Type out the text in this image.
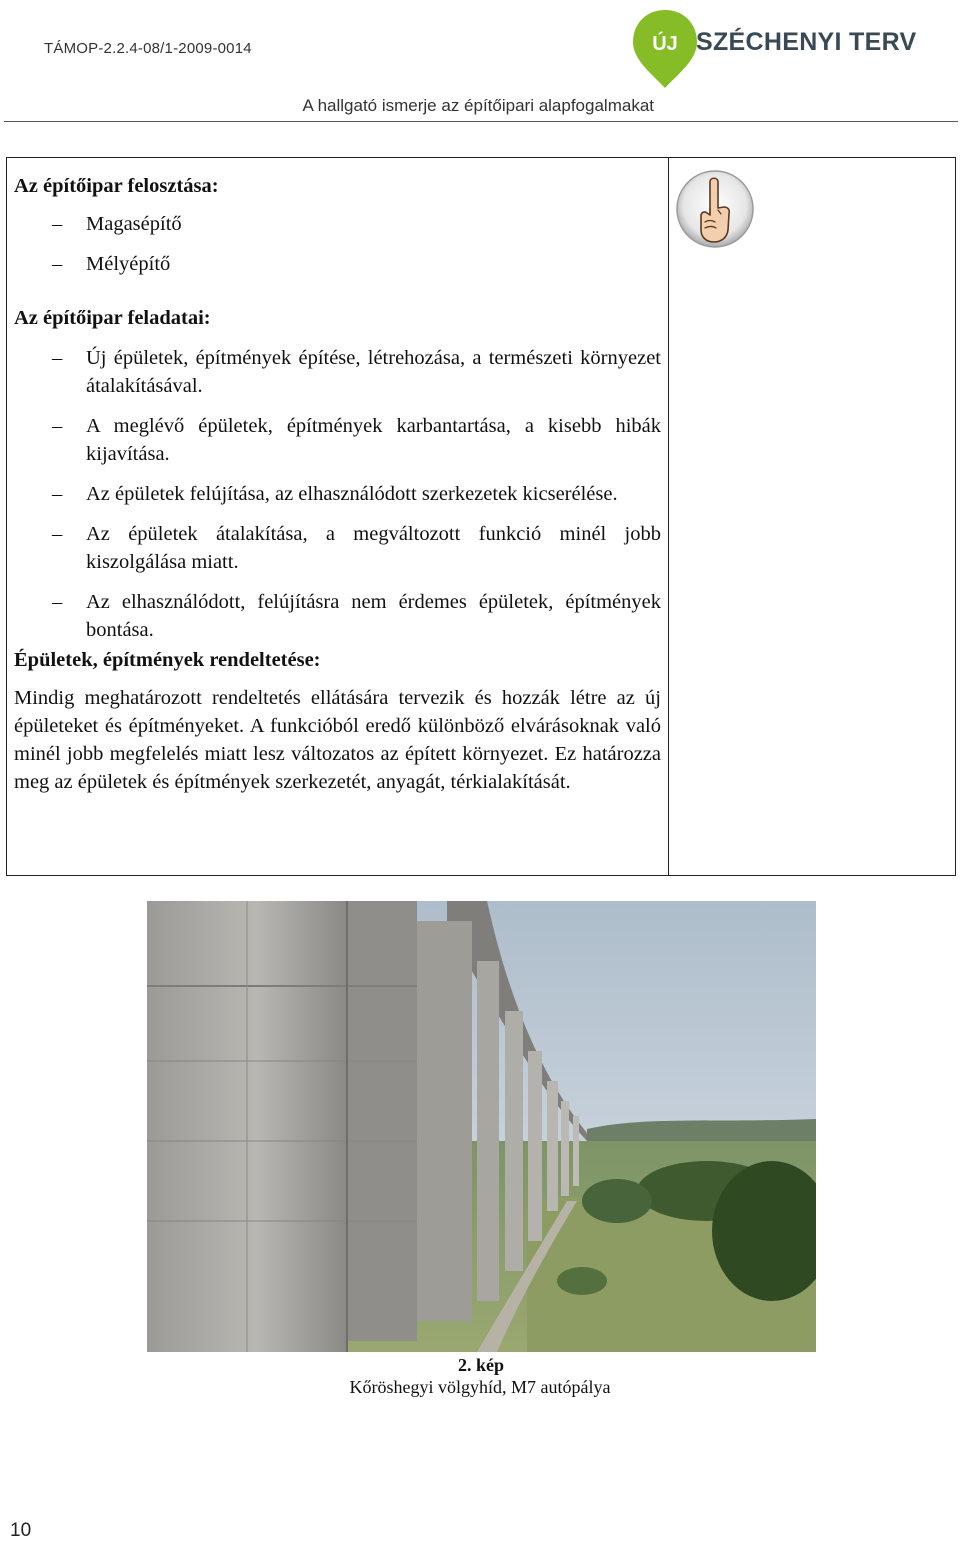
TÁMOP-2.2.4-08/1-2009-0014	ÚJ SZÉCHENYI TERV
A hallgató ismerje az építőipari alapfogalmakat

Az építőipar felosztása:

– Magasépítő
– Mélyépítő

Az építőipar feladatai:

– Új épületek, építmények építése, létrehozása, a természeti környezet átalakításával.
– A meglévő épületek, építmények karbantartása, a kisebb hibák kijavítása.
– Az épületek felújítása, az elhasználódott szerkezetek kicserélése.
– Az épületek átalakítása, a megváltozott funkció minél jobb kiszolgálása miatt.
– Az elhasználódott, felújításra nem érdemes épületek, építmények bontása.

Épületek, építmények rendeltetése:

Mindig meghatározott rendeltetés ellátására tervezik és hozzák létre az új épületeket és építményeket. A funkcióból eredő különböző elvárásoknak való minél jobb megfelelés miatt lesz változatos az épített környezet. Ez határozza meg az épületek és építmények szerkezetét, anyagát, térkialakítását.

2. kép
Kőröshegyi völgyhíd, M7 autópálya
10
